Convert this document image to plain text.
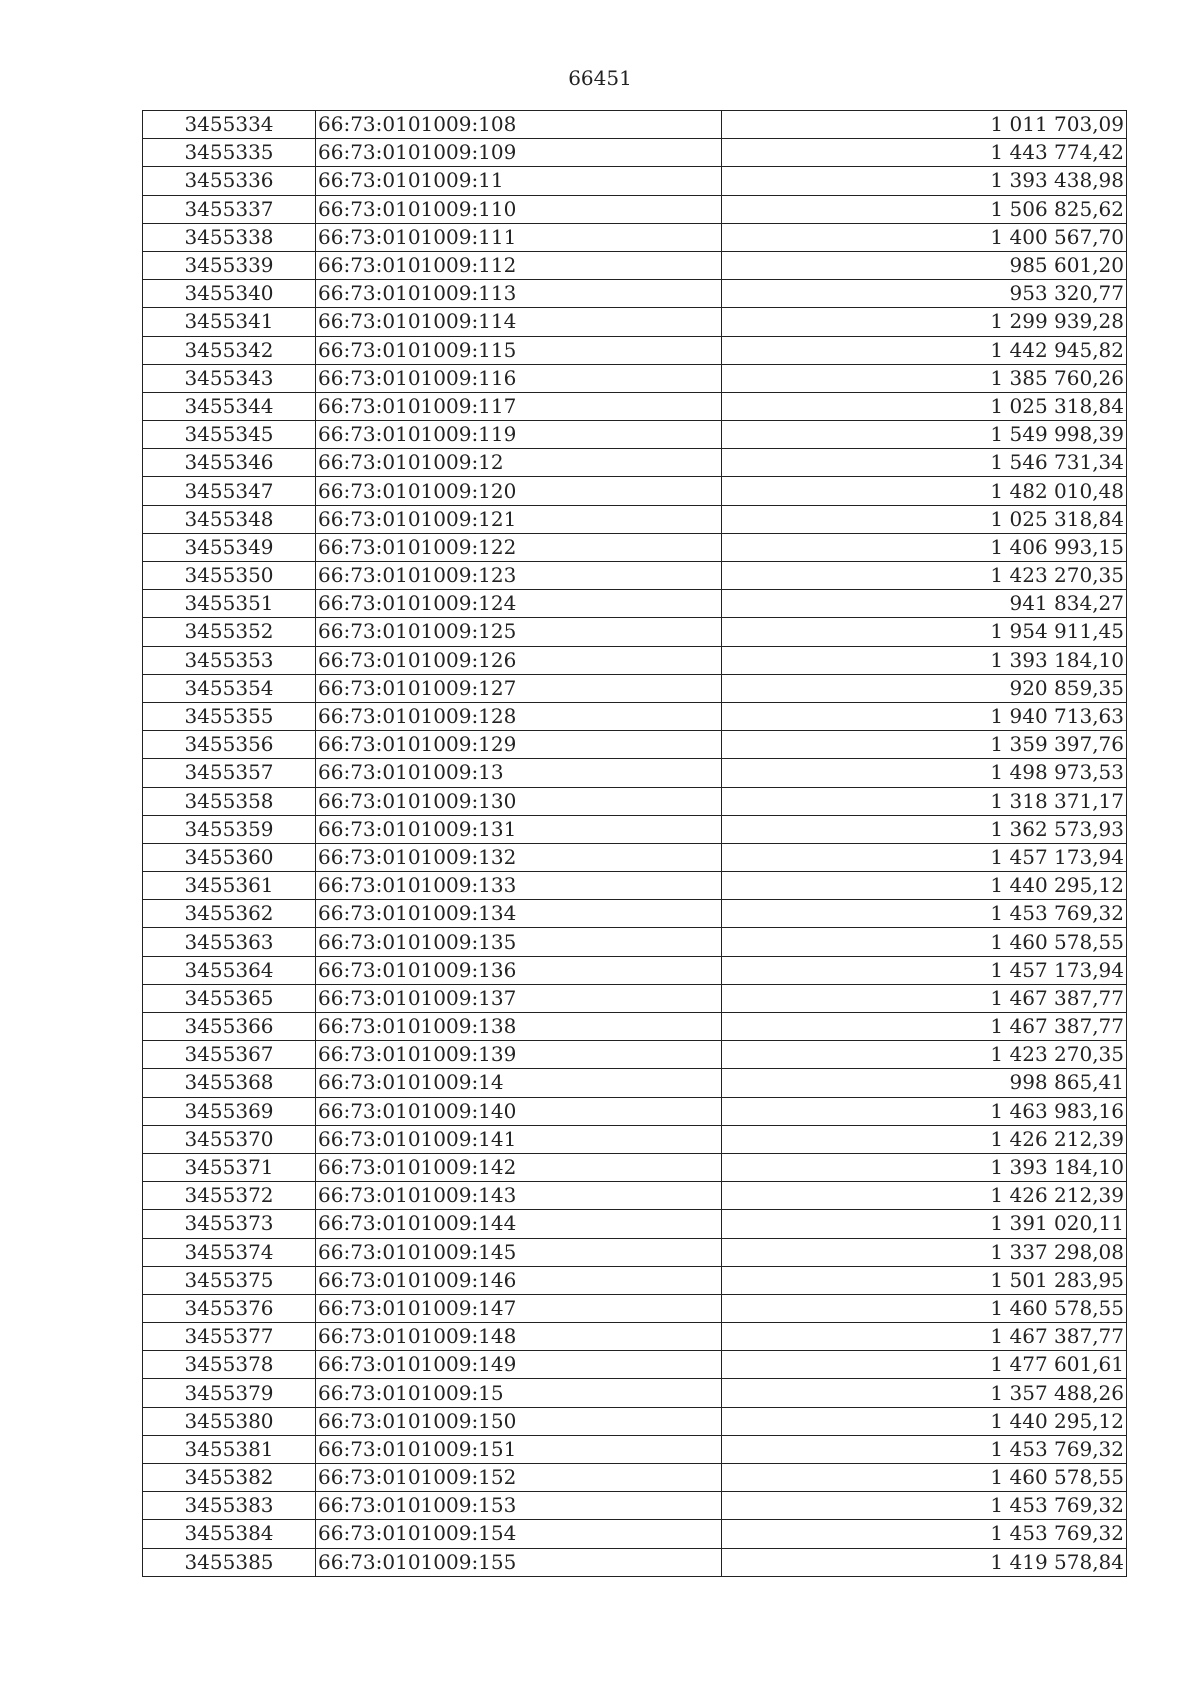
66451
3455334	66:73:0101009:108	1 011 703,09
3455335	66:73:0101009:109	1 443 774,42
3455336	66:73:0101009:11	1 393 438,98
3455337	66:73:0101009:110	1 506 825,62
3455338	66:73:0101009:111	1 400 567,70
3455339	66:73:0101009:112	985 601,20
3455340	66:73:0101009:113	953 320,77
3455341	66:73:0101009:114	1 299 939,28
3455342	66:73:0101009:115	1 442 945,82
3455343	66:73:0101009:116	1 385 760,26
3455344	66:73:0101009:117	1 025 318,84
3455345	66:73:0101009:119	1 549 998,39
3455346	66:73:0101009:12	1 546 731,34
3455347	66:73:0101009:120	1 482 010,48
3455348	66:73:0101009:121	1 025 318,84
3455349	66:73:0101009:122	1 406 993,15
3455350	66:73:0101009:123	1 423 270,35
3455351	66:73:0101009:124	941 834,27
3455352	66:73:0101009:125	1 954 911,45
3455353	66:73:0101009:126	1 393 184,10
3455354	66:73:0101009:127	920 859,35
3455355	66:73:0101009:128	1 940 713,63
3455356	66:73:0101009:129	1 359 397,76
3455357	66:73:0101009:13	1 498 973,53
3455358	66:73:0101009:130	1 318 371,17
3455359	66:73:0101009:131	1 362 573,93
3455360	66:73:0101009:132	1 457 173,94
3455361	66:73:0101009:133	1 440 295,12
3455362	66:73:0101009:134	1 453 769,32
3455363	66:73:0101009:135	1 460 578,55
3455364	66:73:0101009:136	1 457 173,94
3455365	66:73:0101009:137	1 467 387,77
3455366	66:73:0101009:138	1 467 387,77
3455367	66:73:0101009:139	1 423 270,35
3455368	66:73:0101009:14	998 865,41
3455369	66:73:0101009:140	1 463 983,16
3455370	66:73:0101009:141	1 426 212,39
3455371	66:73:0101009:142	1 393 184,10
3455372	66:73:0101009:143	1 426 212,39
3455373	66:73:0101009:144	1 391 020,11
3455374	66:73:0101009:145	1 337 298,08
3455375	66:73:0101009:146	1 501 283,95
3455376	66:73:0101009:147	1 460 578,55
3455377	66:73:0101009:148	1 467 387,77
3455378	66:73:0101009:149	1 477 601,61
3455379	66:73:0101009:15	1 357 488,26
3455380	66:73:0101009:150	1 440 295,12
3455381	66:73:0101009:151	1 453 769,32
3455382	66:73:0101009:152	1 460 578,55
3455383	66:73:0101009:153	1 453 769,32
3455384	66:73:0101009:154	1 453 769,32
3455385	66:73:0101009:155	1 419 578,84
